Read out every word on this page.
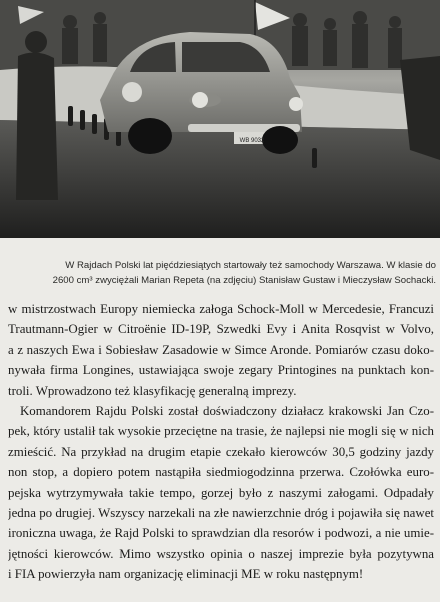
WB 9032
W Rajdach Polski lat pięćdziesiątych startowały też samochody Warszawa. W klasie do
2600 cm³ zwyciężali Marian Repeta (na zdjęciu) Stanisław Gustaw i Mieczysław Sochacki.

w mistrzostwach Europy niemiecka załoga Schock-Moll w Mercedesie, Francuzi
Trautmann-Ogier w Citroënie ID-19P, Szwedki Evy i Anita Rosqvist w Volvo,
a z naszych Ewa i Sobiesław Zasadowie w Simce Aronde. Pomiarów czasu doko-
nywała firma Longines, ustawiająca swoje zegary Printogines na punktach kon-
troli. Wprowadzono też klasyfikację generalną imprezy.

Komandorem Rajdu Polski został doświadczony działacz krakowski Jan Czo-
pek, który ustalił tak wysokie przeciętne na trasie, że najlepsi nie mogli się w nich
zmieścić. Na przykład na drugim etapie czekało kierowców 30,5 godziny jazdy
non stop, a dopiero potem nastąpiła siedmiogodzinna przerwa. Czołówka euro-
pejska wytrzymywała takie tempo, gorzej było z naszymi załogami. Odpadały
jedna po drugiej. Wszyscy narzekali na złe nawierzchnie dróg i pojawiła się nawet
ironiczna uwaga, że Rajd Polski to sprawdzian dla resorów i podwozi, a nie umie-
jętności kierowców. Mimo wszystko opinia o naszej imprezie była pozytywna
i FIA powierzyła nam organizację eliminacji ME w roku następnym!
